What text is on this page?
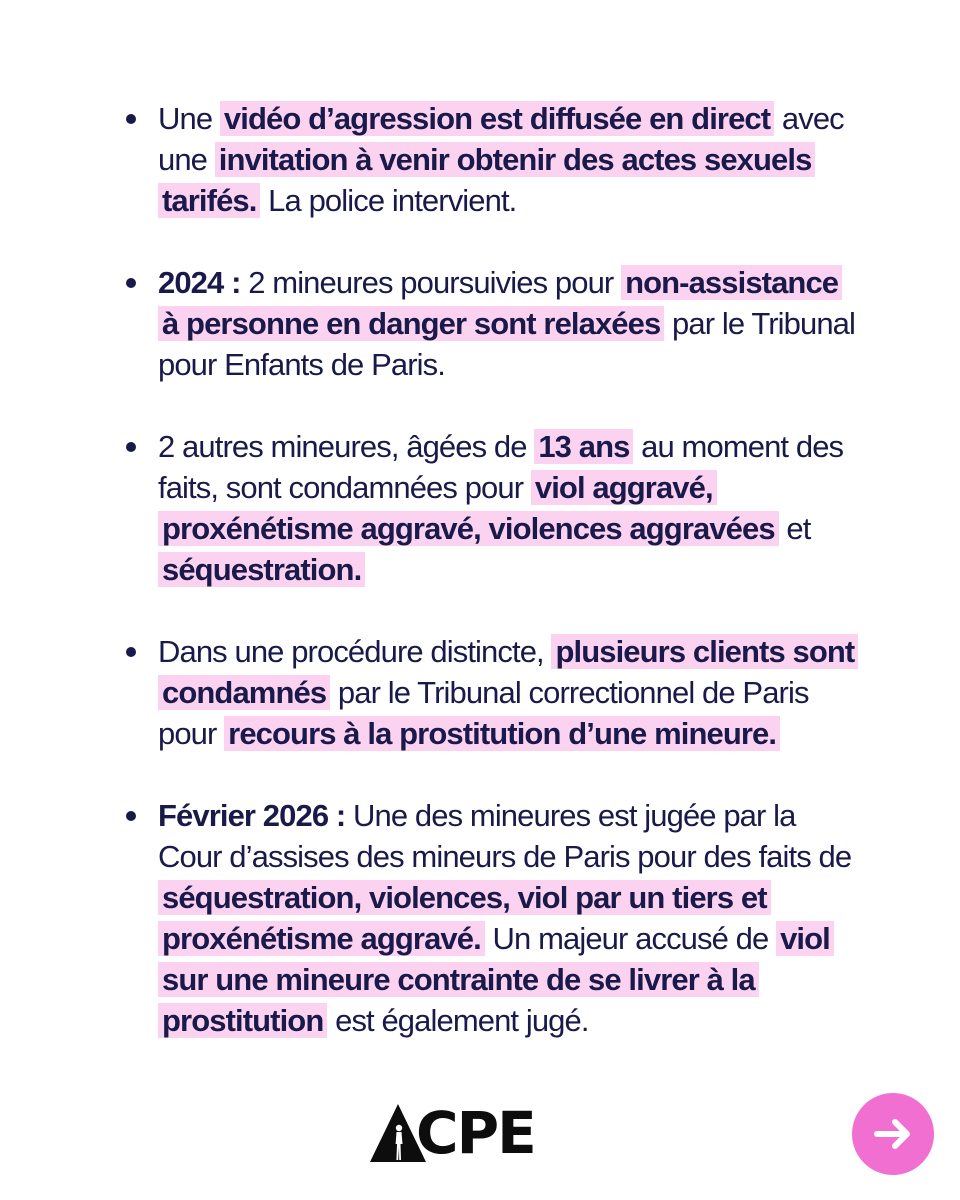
Une vidéo d’agression est diffusée en direct avec une invitation à venir obtenir des actes sexuels tarifés. La police intervient.
2024 : 2 mineures poursuivies pour non-assistance à personne en danger sont relaxées par le Tribunal pour Enfants de Paris.
2 autres mineures, âgées de 13 ans au moment des faits, sont condamnées pour viol aggravé, proxénétisme aggravé, violences aggravées et séquestration.
Dans une procédure distincte, plusieurs clients sont condamnés par le Tribunal correctionnel de Paris pour recours à la prostitution d’une mineure.
Février 2026 : Une des mineures est jugée par la Cour d’assises des mineurs de Paris pour des faits de séquestration, violences, viol par un tiers et proxénétisme aggravé. Un majeur accusé de viol sur une mineure contrainte de se livrer à la prostitution est également jugé.
CPE
